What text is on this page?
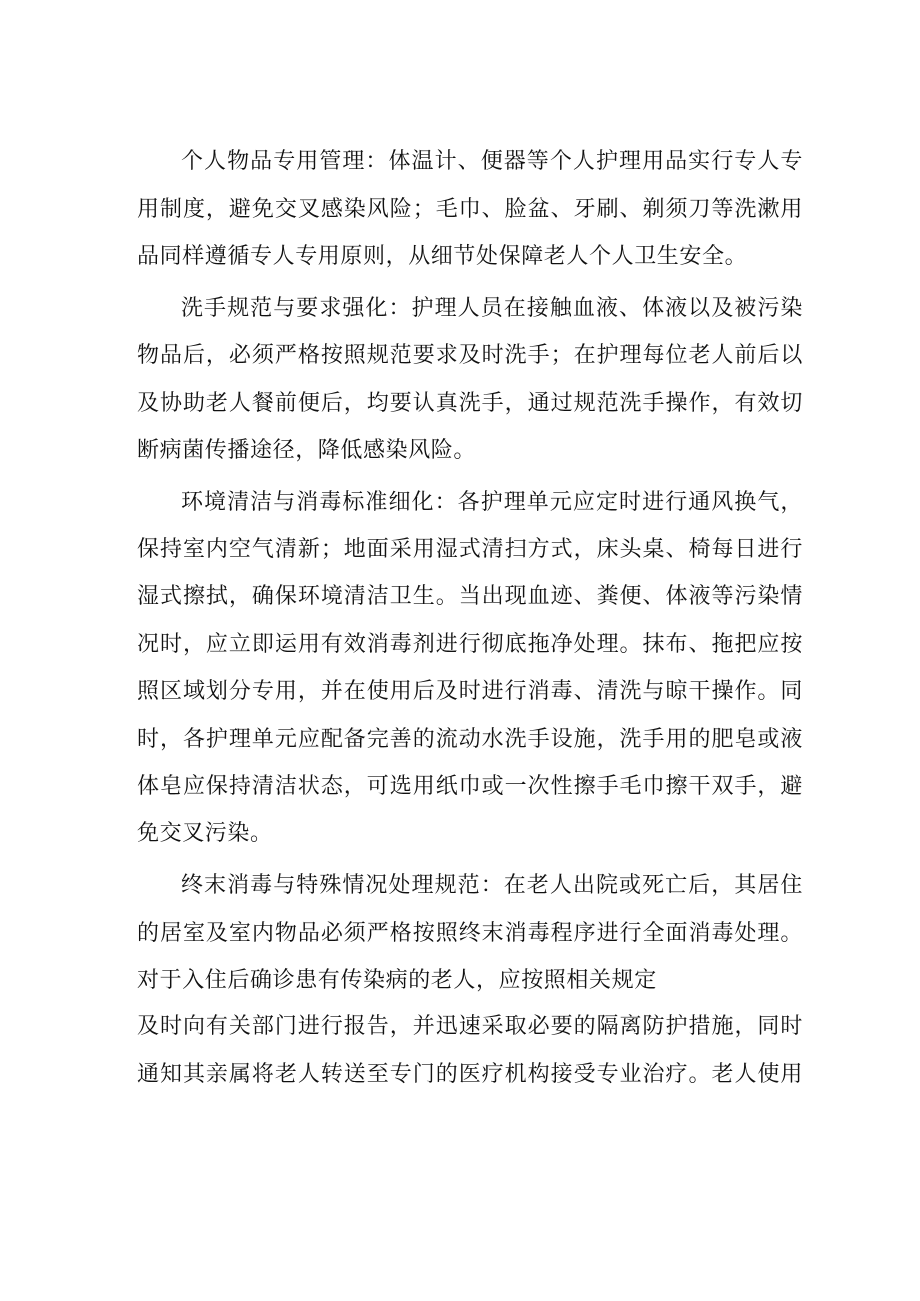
个人物品专用管理：体温计、便器等个人护理用品实行专人专
用制度，避免交叉感染风险；毛巾、脸盆、牙刷、剃须刀等洗漱用
品同样遵循专人专用原则，从细节处保障老人个人卫生安全。
洗手规范与要求强化：护理人员在接触血液、体液以及被污染
物品后，必须严格按照规范要求及时洗手；在护理每位老人前后以
及协助老人餐前便后，均要认真洗手，通过规范洗手操作，有效切
断病菌传播途径，降低感染风险。
环境清洁与消毒标准细化：各护理单元应定时进行通风换气，
保持室内空气清新；地面采用湿式清扫方式，床头桌、椅每日进行
湿式擦拭，确保环境清洁卫生。当出现血迹、粪便、体液等污染情
况时，应立即运用有效消毒剂进行彻底拖净处理。抹布、拖把应按
照区域划分专用，并在使用后及时进行消毒、清洗与晾干操作。同
时，各护理单元应配备完善的流动水洗手设施，洗手用的肥皂或液
体皂应保持清洁状态，可选用纸巾或一次性擦手毛巾擦干双手，避
免交叉污染。
终末消毒与特殊情况处理规范：在老人出院或死亡后，其居住
的居室及室内物品必须严格按照终末消毒程序进行全面消毒处理。
对于入住后确诊患有传染病的老人，应按照相关规定
及时向有关部门进行报告，并迅速采取必要的隔离防护措施，同时
通知其亲属将老人转送至专门的医疗机构接受专业治疗。老人使用
